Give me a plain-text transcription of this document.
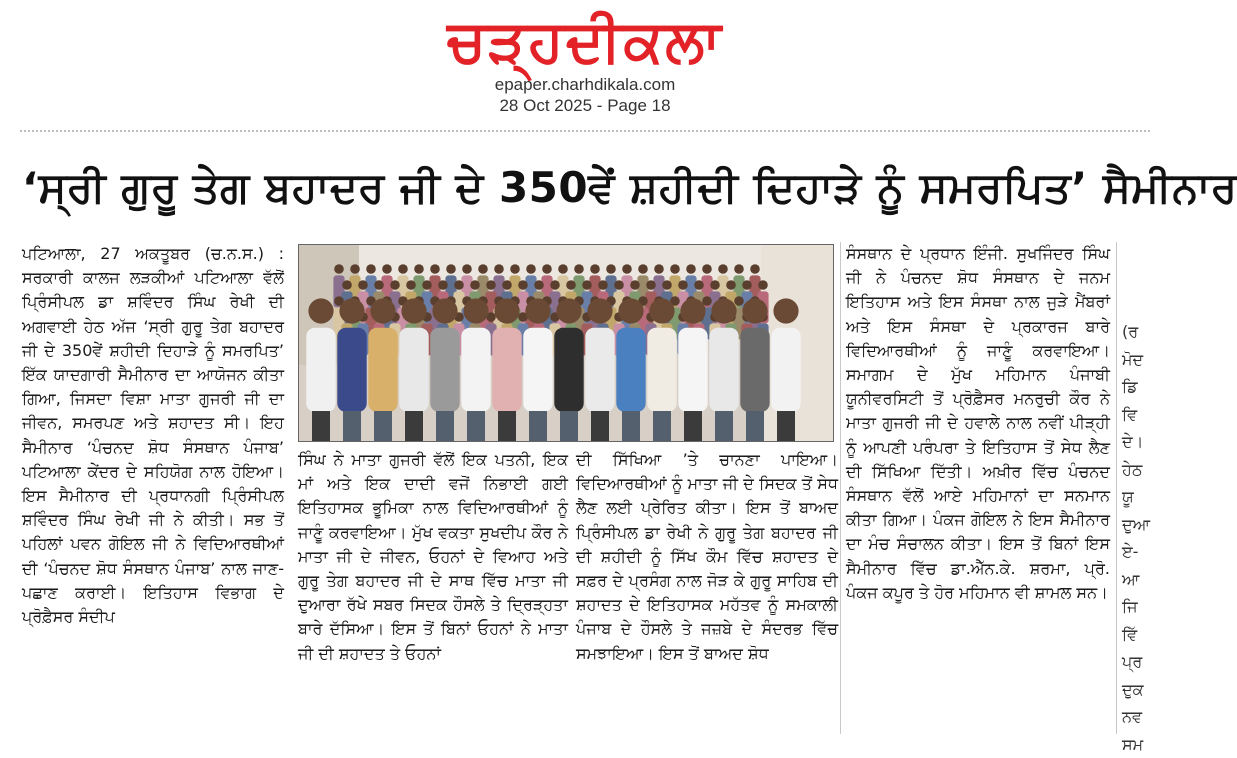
ਚੜ੍ਹਦੀਕਲਾ
epaper.charhdikala.com
28 Oct 2025 - Page 18
‘ਸ੍ਰੀ ਗੁਰੂ ਤੇਗ ਬਹਾਦਰ ਜੀ ਦੇ 350ਵੇਂ ਸ਼ਹੀਦੀ ਦਿਹਾੜੇ ਨੂੰ ਸਮਰਪਿਤ’ ਸੈਮੀਨਾਰ

ਪਟਿਆਲਾ, 27 ਅਕਤੂਬਰ (ਚ.ਨ.ਸ.) : ਸਰਕਾਰੀ ਕਾਲਜ ਲੜਕੀਆਂ ਪਟਿਆਲਾ ਵੱਲੋਂ ਪ੍ਰਿੰਸੀਪਲ ਡਾ ਸ਼ਵਿੰਦਰ ਸਿੰਘ ਰੇਖੀ ਦੀ ਅਗਵਾਈ ਹੇਠ ਅੱਜ ‘ਸ੍ਰੀ ਗੁਰੂ ਤੇਗ ਬਹਾਦਰ ਜੀ ਦੇ 350ਵੇਂ ਸ਼ਹੀਦੀ ਦਿਹਾੜੇ ਨੂੰ ਸਮਰਪਿਤ’ ਇੱਕ ਯਾਦਗਾਰੀ ਸੈਮੀਨਾਰ ਦਾ ਆਯੋਜਨ ਕੀਤਾ ਗਿਆ, ਜਿਸਦਾ ਵਿਸ਼ਾ ਮਾਤਾ ਗੁਜਰੀ ਜੀ ਦਾ ਜੀਵਨ, ਸਮਰਪਣ ਅਤੇ ਸ਼ਹਾਦਤ ਸੀ। ਇਹ ਸੈਮੀਨਾਰ ‘ਪੰਚਨਦ ਸ਼ੋਧ ਸੰਸਥਾਨ ਪੰਜਾਬ’ ਪਟਿਆਲਾ ਕੇਂਦਰ ਦੇ ਸਹਿਯੋਗ ਨਾਲ ਹੋਇਆ। ਇਸ ਸੈਮੀਨਾਰ ਦੀ ਪ੍ਰਧਾਨਗੀ ਪ੍ਰਿੰਸੀਪਲ ਸ਼ਵਿੰਦਰ ਸਿੰਘ ਰੇਖੀ ਜੀ ਨੇ ਕੀਤੀ। ਸਭ ਤੋਂ ਪਹਿਲਾਂ ਪਵਨ ਗੋਇਲ ਜੀ ਨੇ ਵਿਦਿਆਰਥੀਆਂ ਦੀ ‘ਪੰਚਨਦ ਸ਼ੋਧ ਸੰਸਥਾਨ ਪੰਜਾਬ’ ਨਾਲ ਜਾਣ-ਪਛਾਣ ਕਰਾਈ। ਇਤਿਹਾਸ ਵਿਭਾਗ ਦੇ ਪ੍ਰੋਫ਼ੈਸਰ ਸੰਦੀਪ

ਸਿੰਘ ਨੇ ਮਾਤਾ ਗੁਜਰੀ ਵੱਲੋਂ ਇਕ ਪਤਨੀ, ਇਕ ਮਾਂ ਅਤੇ ਇਕ ਦਾਦੀ ਵਜੋਂ ਨਿਭਾਈ ਗਈ ਇਤਿਹਾਸਕ ਭੂਮਿਕਾ ਨਾਲ ਵਿਦਿਆਰਥੀਆਂ ਨੂੰ ਜਾਣੂੰ ਕਰਵਾਇਆ। ਮੁੱਖ ਵਕਤਾ ਸੁਖਦੀਪ ਕੌਰ ਨੇ ਮਾਤਾ ਜੀ ਦੇ ਜੀਵਨ, ਓਹਨਾਂ ਦੇ ਵਿਆਹ ਅਤੇ ਗੁਰੂ ਤੇਗ ਬਹਾਦਰ ਜੀ ਦੇ ਸਾਥ ਵਿੱਚ ਮਾਤਾ ਜੀ ਦੁਆਰਾ ਰੱਖੇ ਸਬਰ ਸਿਦਕ ਹੌਸਲੇ ਤੇ ਦ੍ਰਿੜ੍ਹਤਾ ਬਾਰੇ ਦੱਸਿਆ। ਇਸ ਤੋਂ ਬਿਨਾਂ ਓਹਨਾਂ ਨੇ ਮਾਤਾ ਜੀ ਦੀ ਸ਼ਹਾਦਤ ਤੇ ਓਹਨਾਂ

ਦੀ ਸਿੱਖਿਆ ’ਤੇ ਚਾਨਣਾ ਪਾਇਆ। ਵਿਦਿਆਰਥੀਆਂ ਨੂੰ ਮਾਤਾ ਜੀ ਦੇ ਸਿਦਕ ਤੋਂ ਸੇਧ ਲੈਣ ਲਈ ਪ੍ਰੇਰਿਤ ਕੀਤਾ। ਇਸ ਤੋਂ ਬਾਅਦ ਪ੍ਰਿੰਸੀਪਲ ਡਾ ਰੇਖੀ ਨੇ ਗੁਰੂ ਤੇਗ ਬਹਾਦਰ ਜੀ ਦੀ ਸ਼ਹੀਦੀ ਨੂੰ ਸਿੱਖ ਕੌਮ ਵਿੱਚ ਸ਼ਹਾਦਤ ਦੇ ਸਫ਼ਰ ਦੇ ਪ੍ਰਸੰਗ ਨਾਲ ਜੋੜ ਕੇ ਗੁਰੂ ਸਾਹਿਬ ਦੀ ਸ਼ਹਾਦਤ ਦੇ ਇਤਿਹਾਸਕ ਮਹੱਤਵ ਨੂੰ ਸਮਕਾਲੀ ਪੰਜਾਬ ਦੇ ਹੌਸਲੇ ਤੇ ਜਜ਼ਬੇ ਦੇ ਸੰਦਰਭ ਵਿੱਚ ਸਮਝਾਇਆ। ਇਸ ਤੋਂ ਬਾਅਦ ਸ਼ੋਧ

ਸੰਸਥਾਨ ਦੇ ਪ੍ਰਧਾਨ ਇੰਜੀ. ਸੁਖਜਿੰਦਰ ਸਿੰਘ ਜੀ ਨੇ ਪੰਚਨਦ ਸ਼ੋਧ ਸੰਸਥਾਨ ਦੇ ਜਨਮ ਇਤਿਹਾਸ ਅਤੇ ਇਸ ਸੰਸਥਾ ਨਾਲ ਜੁੜੇ ਮੈਂਬਰਾਂ ਅਤੇ ਇਸ ਸੰਸਥਾ ਦੇ ਪ੍ਰਕਾਰਜ ਬਾਰੇ ਵਿਦਿਆਰਥੀਆਂ ਨੂੰ ਜਾਣੂੰ ਕਰਵਾਇਆ। ਸਮਾਗਮ ਦੇ ਮੁੱਖ ਮਹਿਮਾਨ ਪੰਜਾਬੀ ਯੂਨੀਵਰਸਿਟੀ ਤੋਂ ਪ੍ਰੋਫ਼ੈਸਰ ਮਨਰੁਚੀ ਕੌਰ ਨੇ ਮਾਤਾ ਗੁਜਰੀ ਜੀ ਦੇ ਹਵਾਲੇ ਨਾਲ ਨਵੀਂ ਪੀੜ੍ਹੀ ਨੂੰ ਆਪਣੀ ਪਰੰਪਰਾ ਤੇ ਇਤਿਹਾਸ ਤੋਂ ਸੇਧ ਲੈਣ ਦੀ ਸਿੱਖਿਆ ਦਿੱਤੀ। ਅਖ਼ੀਰ ਵਿੱਚ ਪੰਚਨਦ ਸੰਸਥਾਨ ਵੱਲੋਂ ਆਏ ਮਹਿਮਾਨਾਂ ਦਾ ਸਨਮਾਨ ਕੀਤਾ ਗਿਆ। ਪੰਕਜ ਗੋਇਲ ਨੇ ਇਸ ਸੈਮੀਨਾਰ ਦਾ ਮੰਚ ਸੰਚਾਲਨ ਕੀਤਾ। ਇਸ ਤੋਂ ਬਿਨਾਂ ਇਸ ਸੈਮੀਨਾਰ ਵਿੱਚ ਡਾ.ਐੱਨ.ਕੇ. ਸ਼ਰਮਾ, ਪ੍ਰੋ. ਪੰਕਜ ਕਪੂਰ ਤੇ ਹੋਰ ਮਹਿਮਾਨ ਵੀ ਸ਼ਾਮਲ ਸਨ।

(ਰ
ਮੋਦ
ਡਿ
ਵਿ
ਦੇ।
ਹੇਠ
ਯੂ
ਦੁਆ
ਏ-
ਆ
ਜਿ
ਵਿੱ
ਪ੍ਰ
ਦੁਕ
ਨਵ
ਸਮ
